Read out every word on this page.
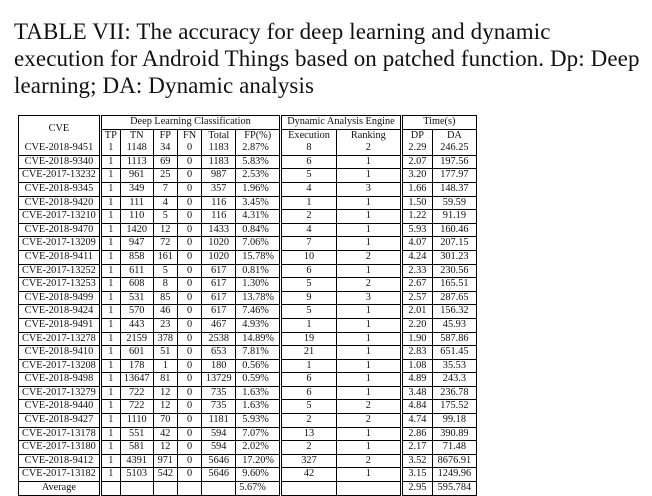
TABLE VII: The accuracy for deep learning and dynamic execution for Android Things based on patched function. Dp: Deep learning; DA: Dynamic analysis
CVE	Deep Learning Classification						Dynamic Analysis Engine		Time(s)	
	TP	TN	FP	FN	Total	FP(%)	Execution	Ranking	DP	DA
CVE-2018-9451	1	1148	34	0	1183	2.87%	8	2	2.29	246.25
CVE-2018-9340	1	1113	69	0	1183	5.83%	6	1	2.07	197.56
CVE-2017-13232	1	961	25	0	987	2.53%	5	1	3.20	177.97
CVE-2018-9345	1	349	7	0	357	1.96%	4	3	1.66	148.37
CVE-2018-9420	1	111	4	0	116	3.45%	1	1	1.50	59.59
CVE-2017-13210	1	110	5	0	116	4.31%	2	1	1.22	91.19
CVE-2018-9470	1	1420	12	0	1433	0.84%	4	1	5.93	160.46
CVE-2017-13209	1	947	72	0	1020	7.06%	7	1	4.07	207.15
CVE-2018-9411	1	858	161	0	1020	15.78%	10	2	4.24	301.23
CVE-2017-13252	1	611	5	0	617	0.81%	6	1	2.33	230.56
CVE-2017-13253	1	608	8	0	617	1.30%	5	2	2.67	165.51
CVE-2018-9499	1	531	85	0	617	13.78%	9	3	2.57	287.65
CVE-2018-9424	1	570	46	0	617	7.46%	5	1	2.01	156.32
CVE-2018-9491	1	443	23	0	467	4.93%	1	1	2.20	45.93
CVE-2017-13278	1	2159	378	0	2538	14.89%	19	1	1.90	587.86
CVE-2018-9410	1	601	51	0	653	7.81%	21	1	2.83	651.45
CVE-2017-13208	1	178	1	0	180	0.56%	1	1	1.08	35.53
CVE-2018-9498	1	13647	81	0	13729	0.59%	6	1	4.89	243.3
CVE-2017-13279	1	722	12	0	735	1.63%	6	1	3.48	236.78
CVE-2018-9440	1	722	12	0	735	1.63%	5	2	4.84	175.52
CVE-2018-9427	1	1110	70	0	1181	5.93%	2	2	4.74	99.18
CVE-2017-13178	1	551	42	0	594	7.07%	13	1	2.86	390.89
CVE-2017-13180	1	581	12	0	594	2.02%	2	1	2.17	71.48
CVE-2018-9412	1	4391	971	0	5646	17.20%	327	2	3.52	8676.91
CVE-2017-13182	1	5103	542	0	5646	9.60%	42	1	3.15	1249.96
Average						5.67%			2.95	595.784
